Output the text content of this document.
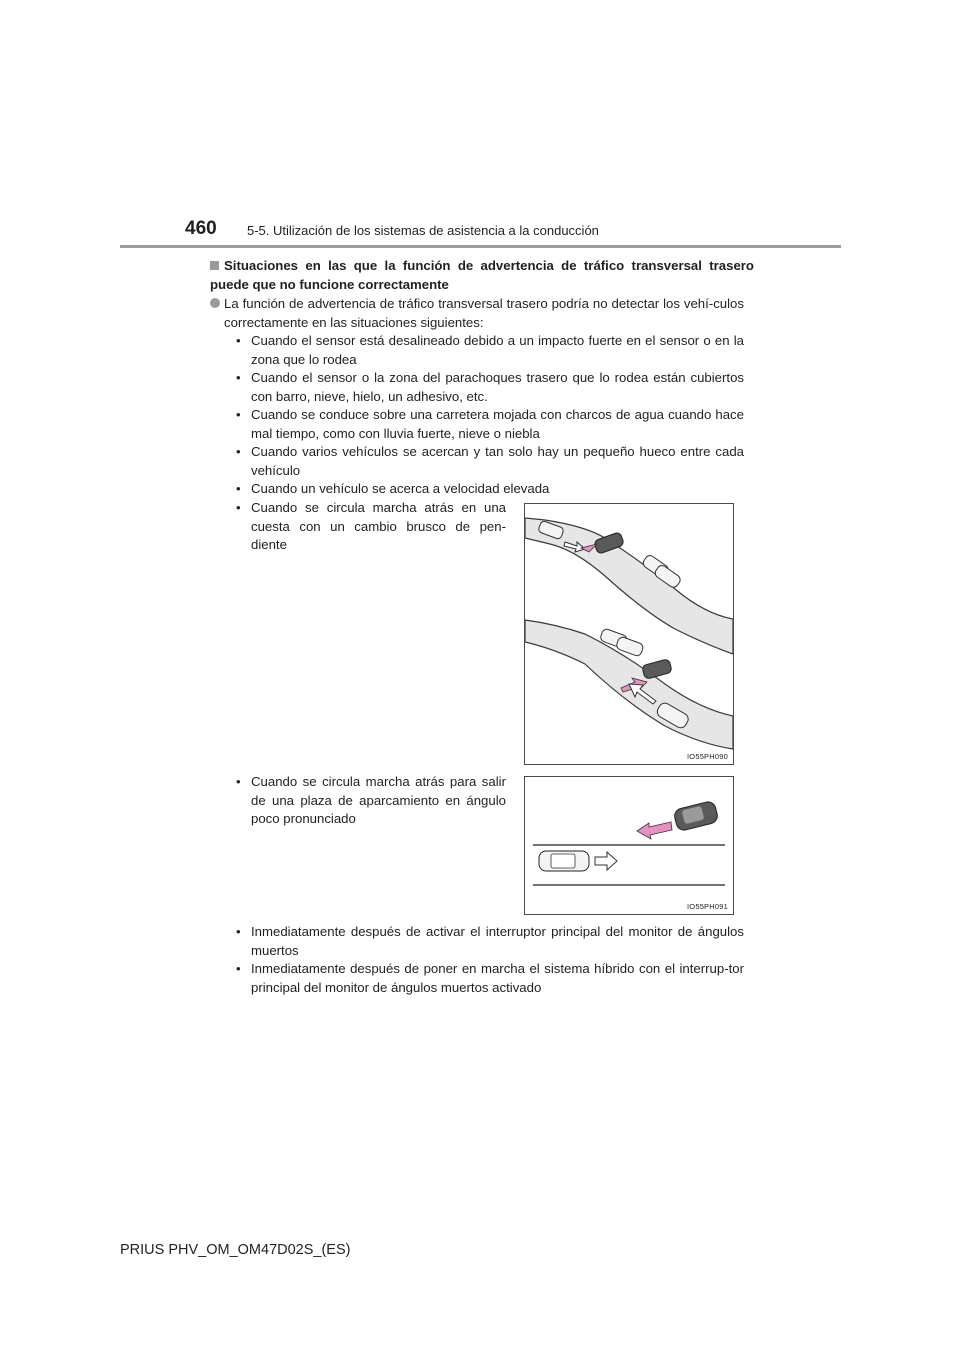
460 5-5. Utilización de los sistemas de asistencia a la conducción
Situaciones en las que la función de advertencia de tráfico transversal trasero puede que no funcione correctamente
La función de advertencia de tráfico transversal trasero podría no detectar los vehí-culos correctamente en las situaciones siguientes:
• Cuando el sensor está desalineado debido a un impacto fuerte en el sensor o en la zona que lo rodea
• Cuando el sensor o la zona del parachoques trasero que lo rodea están cubiertos con barro, nieve, hielo, un adhesivo, etc.
• Cuando se conduce sobre una carretera mojada con charcos de agua cuando hace mal tiempo, como con lluvia fuerte, nieve o niebla
• Cuando varios vehículos se acercan y tan solo hay un pequeño hueco entre cada vehículo
• Cuando un vehículo se acerca a velocidad elevada
• Cuando se circula marcha atrás en una cuesta con un cambio brusco de pen-diente
IO55PH090
• Cuando se circula marcha atrás para salir de una plaza de aparcamiento en ángulo poco pronunciado
IO55PH091
• Inmediatamente después de activar el interruptor principal del monitor de ángulos muertos
• Inmediatamente después de poner en marcha el sistema híbrido con el interrup-tor principal del monitor de ángulos muertos activado
PRIUS PHV_OM_OM47D02S_(ES)
